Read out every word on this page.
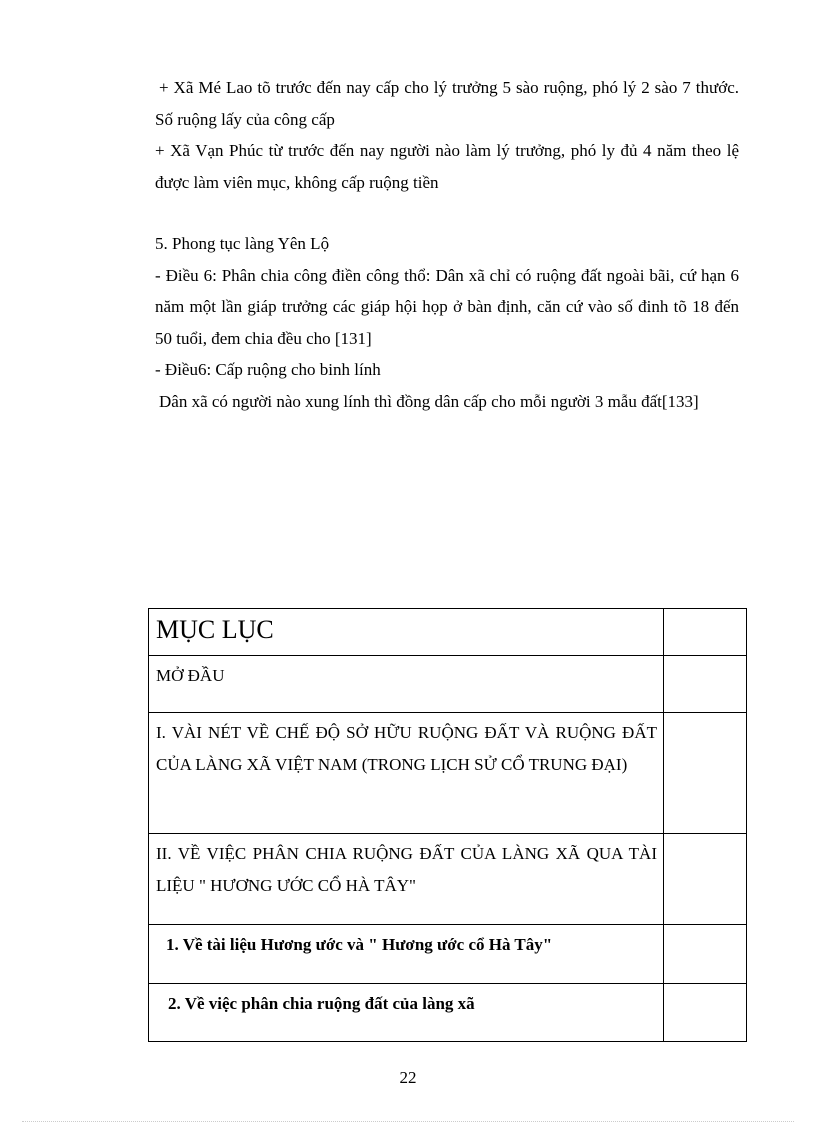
+ Xã Mé Lao tõ trước đến nay cấp cho lý trưởng 5 sào ruộng, phó lý 2 sào 7 thước. Số ruộng lấy của công cấp

+ Xã Vạn Phúc từ trước đến nay người nào làm lý trưởng, phó ly đủ 4 năm theo lệ được làm viên mục, không cấp ruộng tiền

5. Phong tục làng Yên Lộ

- Điều 6: Phân chia công điền công thổ: Dân xã chỉ có ruộng đất ngoài bãi, cứ hạn 6 năm một lần giáp trưởng các giáp hội họp ở bàn định, căn cứ vào số đinh tõ 18 đến 50 tuổi, đem chia đều cho [131]

- Điều6: Cấp ruộng cho binh lính

Dân xã có người nào xung lính thì đồng dân cấp cho mỗi người 3 mẫu đất[133]

MỤC LỤC	

MỞ ĐẦU	

I. VÀI NÉT VỀ CHẾ ĐỘ SỞ HỮU RUỘNG ĐẤT VÀ RUỘNG ĐẤT CỦA LÀNG XÃ VIỆT NAM (TRONG LỊCH SỬ CỔ TRUNG ĐẠI)	

II. VỀ VIỆC PHÂN CHIA RUỘNG ĐẤT CỦA LÀNG XÃ QUA TÀI LIỆU " HƯƠNG ƯỚC CỔ HÀ TÂY"	

1. Về tài liệu Hương ước và " Hương ước cổ Hà Tây"	

2. Về việc phân chia ruộng đất của làng xã	

22
